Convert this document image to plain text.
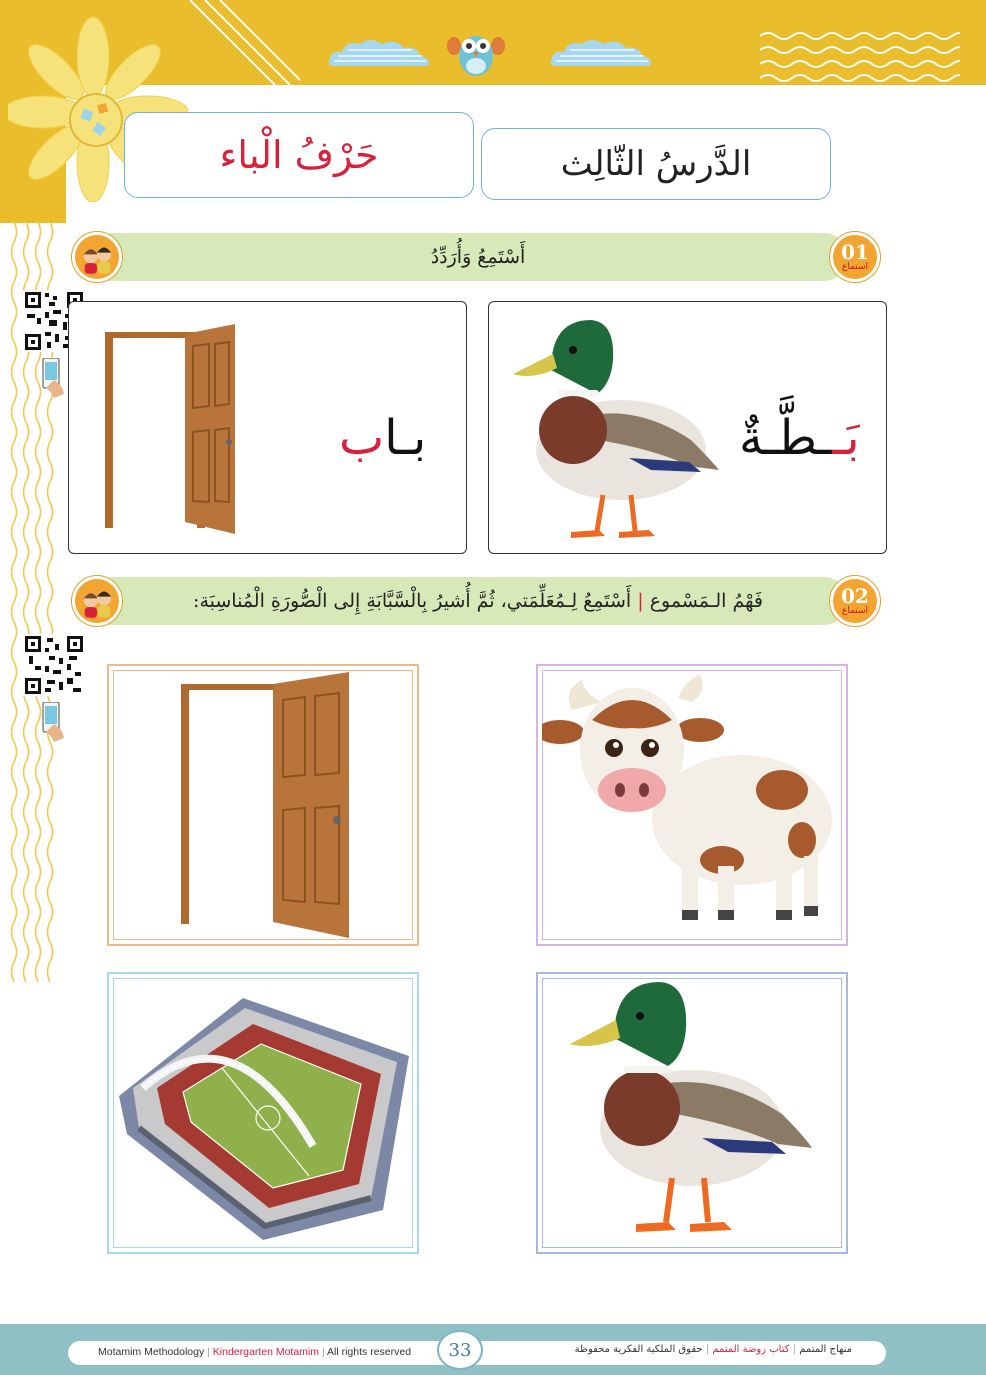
الدَّرسُ الثّالِث
حَرْفُ الْباء
أَسْتَمِعُ وَأُرَدِّدُ	01
استماع
بَــطَّـةٌ
بـاب
فَهْمُ الـمَسْموع | أَسْتَمِعُ لِـمُعَلِّمَتي، ثُمَّ أُشيرُ بِالْسَّبَّابَةِ إِلى الْصُّورَةِ الْمُناسِبَة:	02
استماع
Motamim Methodology | Kindergarten Motamim | All rights reserved	منهاج المتمم | كتاب روضة المتمم | حقوق الملكية الفكرية محفوظة
33
